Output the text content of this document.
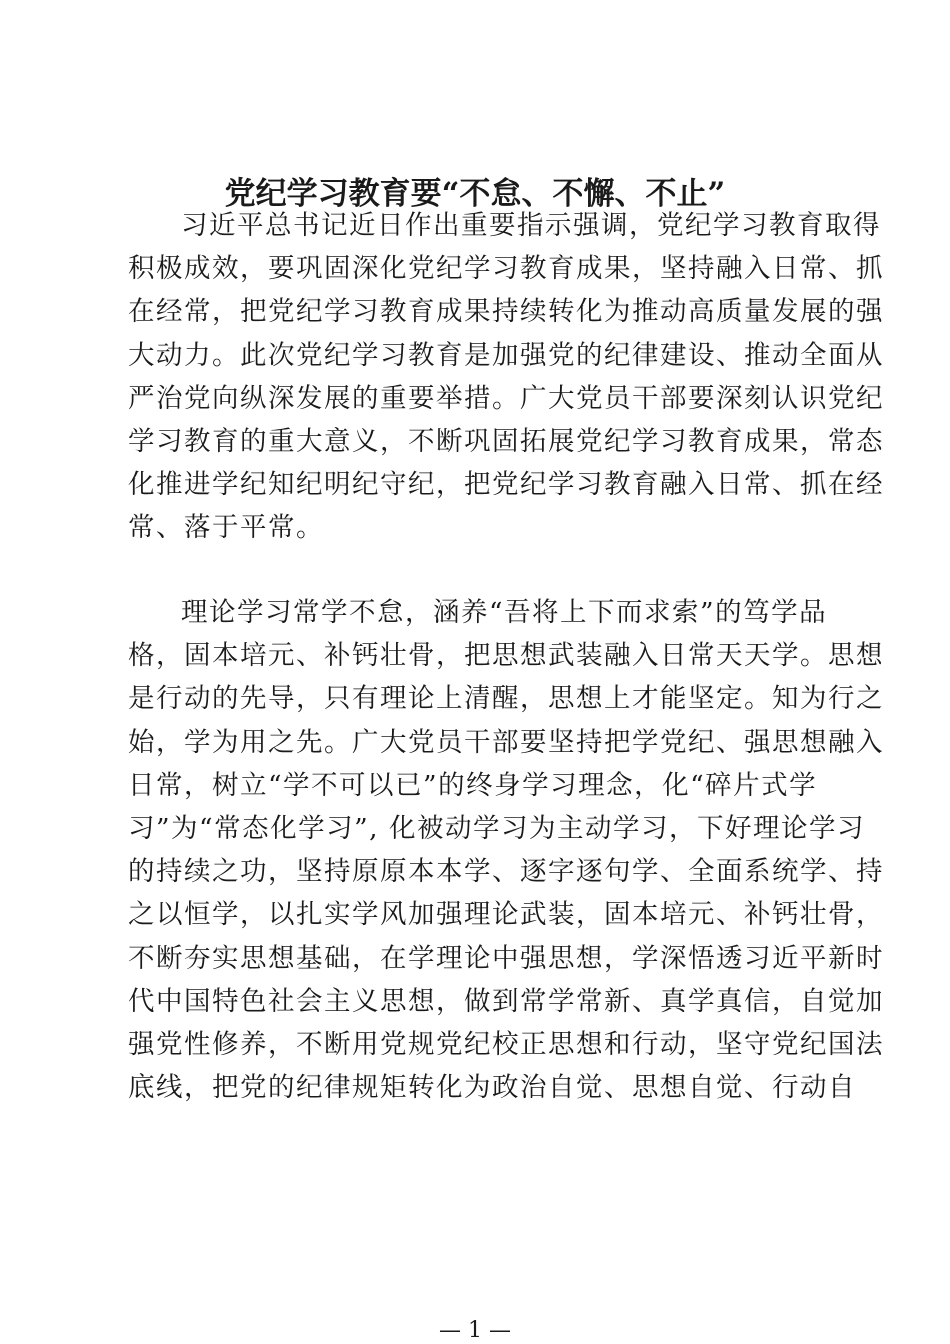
党纪学习教育要“不怠、不懈、不止”
习近平总书记近日作出重要指示强调，党纪学习教育取得
积极成效，要巩固深化党纪学习教育成果，坚持融入日常、抓
在经常，把党纪学习教育成果持续转化为推动高质量发展的强
大动力。此次党纪学习教育是加强党的纪律建设、推动全面从
严治党向纵深发展的重要举措。广大党员干部要深刻认识党纪
学习教育的重大意义，不断巩固拓展党纪学习教育成果，常态
化推进学纪知纪明纪守纪，把党纪学习教育融入日常、抓在经
常、落于平常。
理论学习常学不怠，涵养“吾将上下而求索”的笃学品
格，固本培元、补钙壮骨，把思想武装融入日常天天学。思想
是行动的先导，只有理论上清醒，思想上才能坚定。知为行之
始，学为用之先。广大党员干部要坚持把学党纪、强思想融入
日常，树立“学不可以已”的终身学习理念，化“碎片式学
习”为“常态化学习”, 化被动学习为主动学习，下好理论学习
的持续之功，坚持原原本本学、逐字逐句学、全面系统学、持
之以恒学，以扎实学风加强理论武装，固本培元、补钙壮骨，
不断夯实思想基础，在学理论中强思想，学深悟透习近平新时
代中国特色社会主义思想，做到常学常新、真学真信，自觉加
强党性修养，不断用党规党纪校正思想和行动，坚守党纪国法
底线，把党的纪律规矩转化为政治自觉、思想自觉、行动自
— 1 —
